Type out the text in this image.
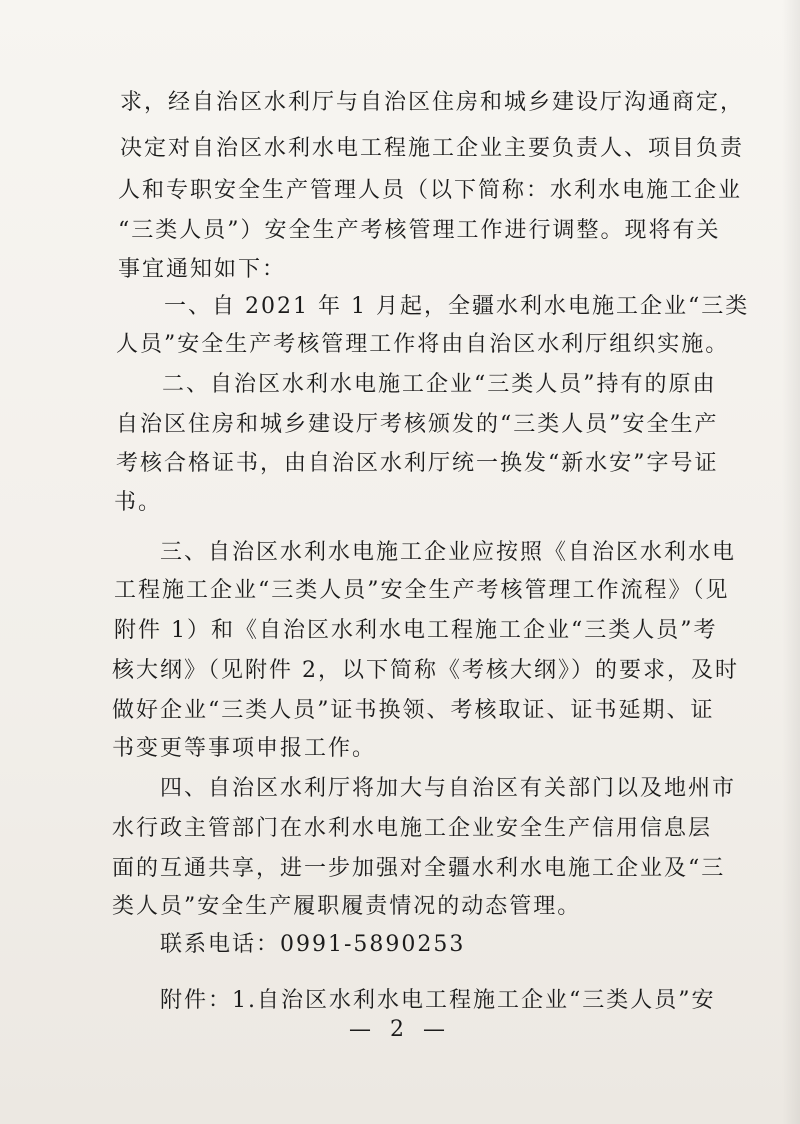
求，经自治区水利厅与自治区住房和城乡建设厅沟通商定，
决定对自治区水利水电工程施工企业主要负责人、项目负责
人和专职安全生产管理人员（以下简称：水利水电施工企业
“三类人员”）安全生产考核管理工作进行调整。现将有关
事宜通知如下：
一、自 2021 年 1 月起，全疆水利水电施工企业“三类
人员”安全生产考核管理工作将由自治区水利厅组织实施。
二、自治区水利水电施工企业“三类人员”持有的原由
自治区住房和城乡建设厅考核颁发的“三类人员”安全生产
考核合格证书，由自治区水利厅统一换发“新水安”字号证
书。
三、自治区水利水电施工企业应按照《自治区水利水电
工程施工企业“三类人员”安全生产考核管理工作流程》（见
附件 1）和《自治区水利水电工程施工企业“三类人员”考
核大纲》（见附件 2，以下简称《考核大纲》）的要求，及时
做好企业“三类人员”证书换领、考核取证、证书延期、证
书变更等事项申报工作。
四、自治区水利厅将加大与自治区有关部门以及地州市
水行政主管部门在水利水电施工企业安全生产信用信息层
面的互通共享，进一步加强对全疆水利水电施工企业及“三
类人员”安全生产履职履责情况的动态管理。
联系电话：0991-5890253
附件：1.自治区水利水电工程施工企业“三类人员”安
— 2 —
